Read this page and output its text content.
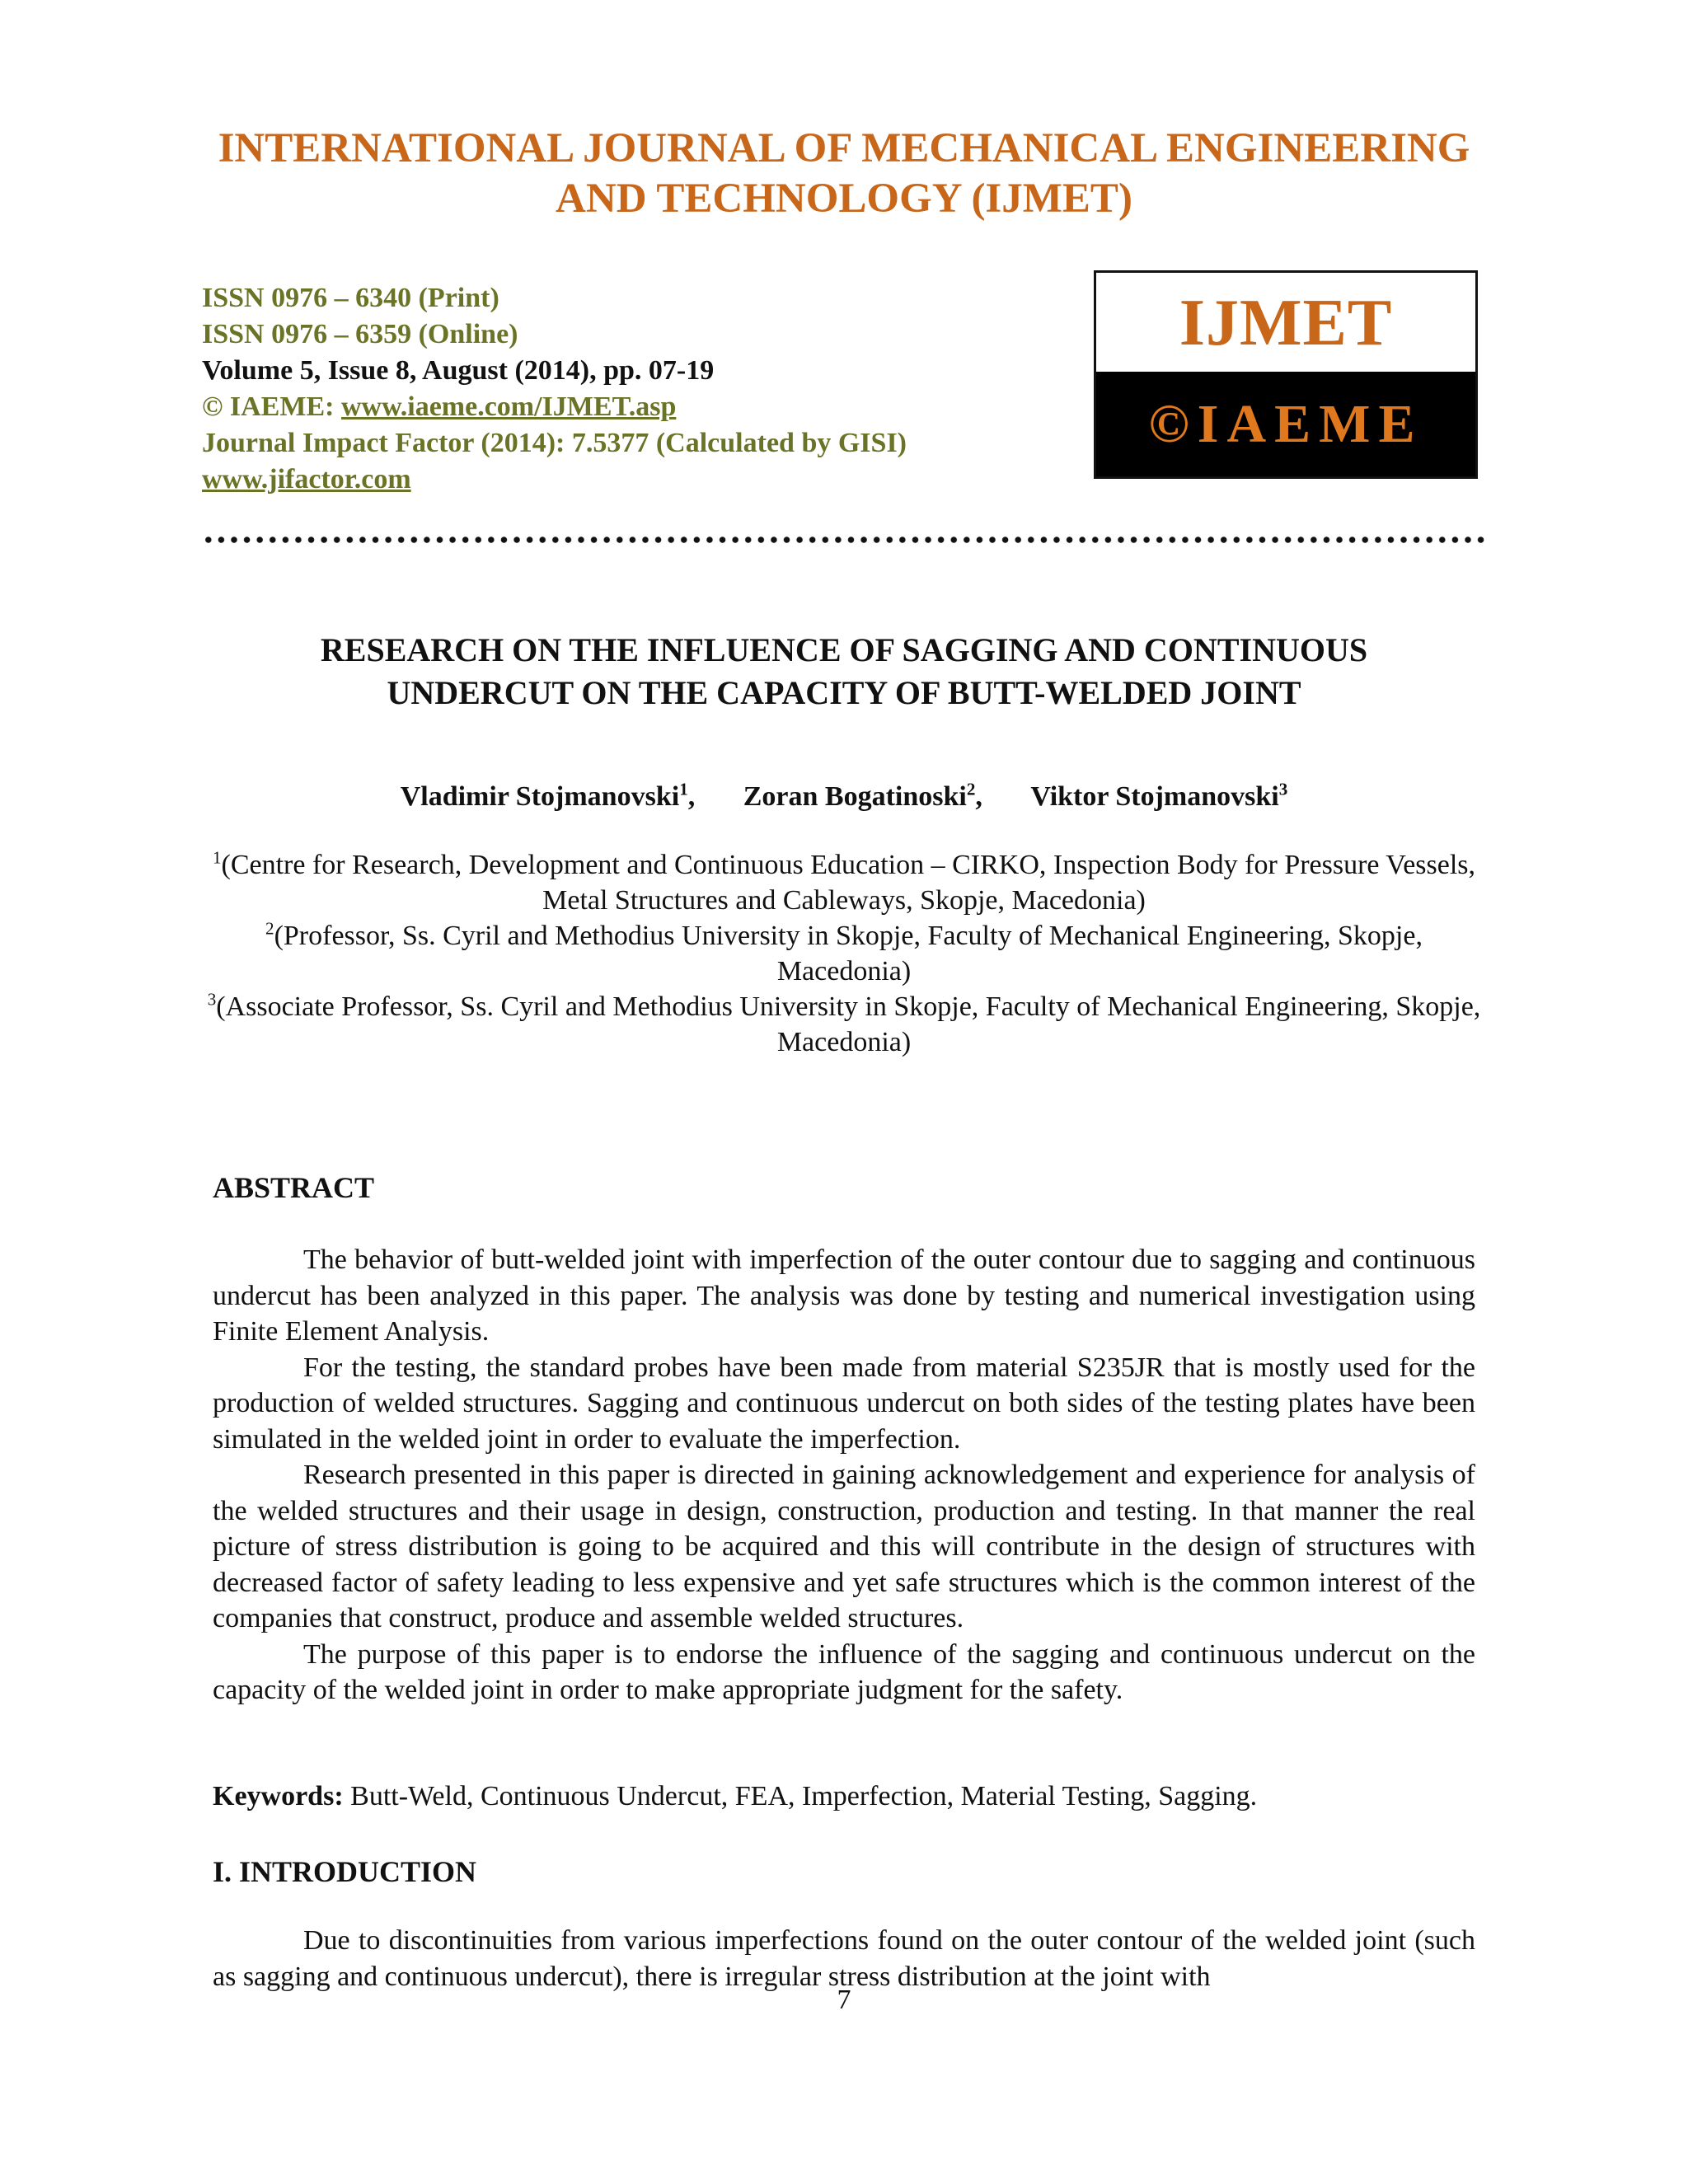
INTERNATIONAL JOURNAL OF MECHANICAL ENGINEERING
AND TECHNOLOGY (IJMET)
ISSN 0976 – 6340 (Print)
ISSN 0976 – 6359 (Online)
Volume 5, Issue 8, August (2014), pp. 07-19
© IAEME: www.iaeme.com/IJMET.asp
Journal Impact Factor (2014): 7.5377 (Calculated by GISI)
www.jifactor.com
IJMET
©IAEME
RESEARCH ON THE INFLUENCE OF SAGGING AND CONTINUOUS
UNDERCUT ON THE CAPACITY OF BUTT-WELDED JOINT
Vladimir Stojmanovski$^1$, Zoran Bogatinoski$^2$, Viktor Stojmanovski$^3$

$^1$(Centre for Research, Development and Continuous Education – CIRKO, Inspection Body for Pressure Vessels, Metal Structures and Cableways, Skopje, Macedonia)

$^2$(Professor, Ss. Cyril and Methodius University in Skopje, Faculty of Mechanical Engineering, Skopje, Macedonia)

$^3$(Associate Professor, Ss. Cyril and Methodius University in Skopje, Faculty of Mechanical Engineering, Skopje, Macedonia)

ABSTRACT

The behavior of butt-welded joint with imperfection of the outer contour due to sagging and continuous undercut has been analyzed in this paper. The analysis was done by testing and numerical investigation using Finite Element Analysis.

For the testing, the standard probes have been made from material S235JR that is mostly used for the production of welded structures. Sagging and continuous undercut on both sides of the testing plates have been simulated in the welded joint in order to evaluate the imperfection.

Research presented in this paper is directed in gaining acknowledgement and experience for analysis of the welded structures and their usage in design, construction, production and testing. In that manner the real picture of stress distribution is going to be acquired and this will contribute in the design of structures with decreased factor of safety leading to less expensive and yet safe structures which is the common interest of the companies that construct, produce and assemble welded structures.

The purpose of this paper is to endorse the influence of the sagging and continuous undercut on the capacity of the welded joint in order to make appropriate judgment for the safety.

Keywords: Butt-Weld, Continuous Undercut, FEA, Imperfection, Material Testing, Sagging.
I. INTRODUCTION

Due to discontinuities from various imperfections found on the outer contour of the welded joint (such as sagging and continuous undercut), there is irregular stress distribution at the joint with

7
